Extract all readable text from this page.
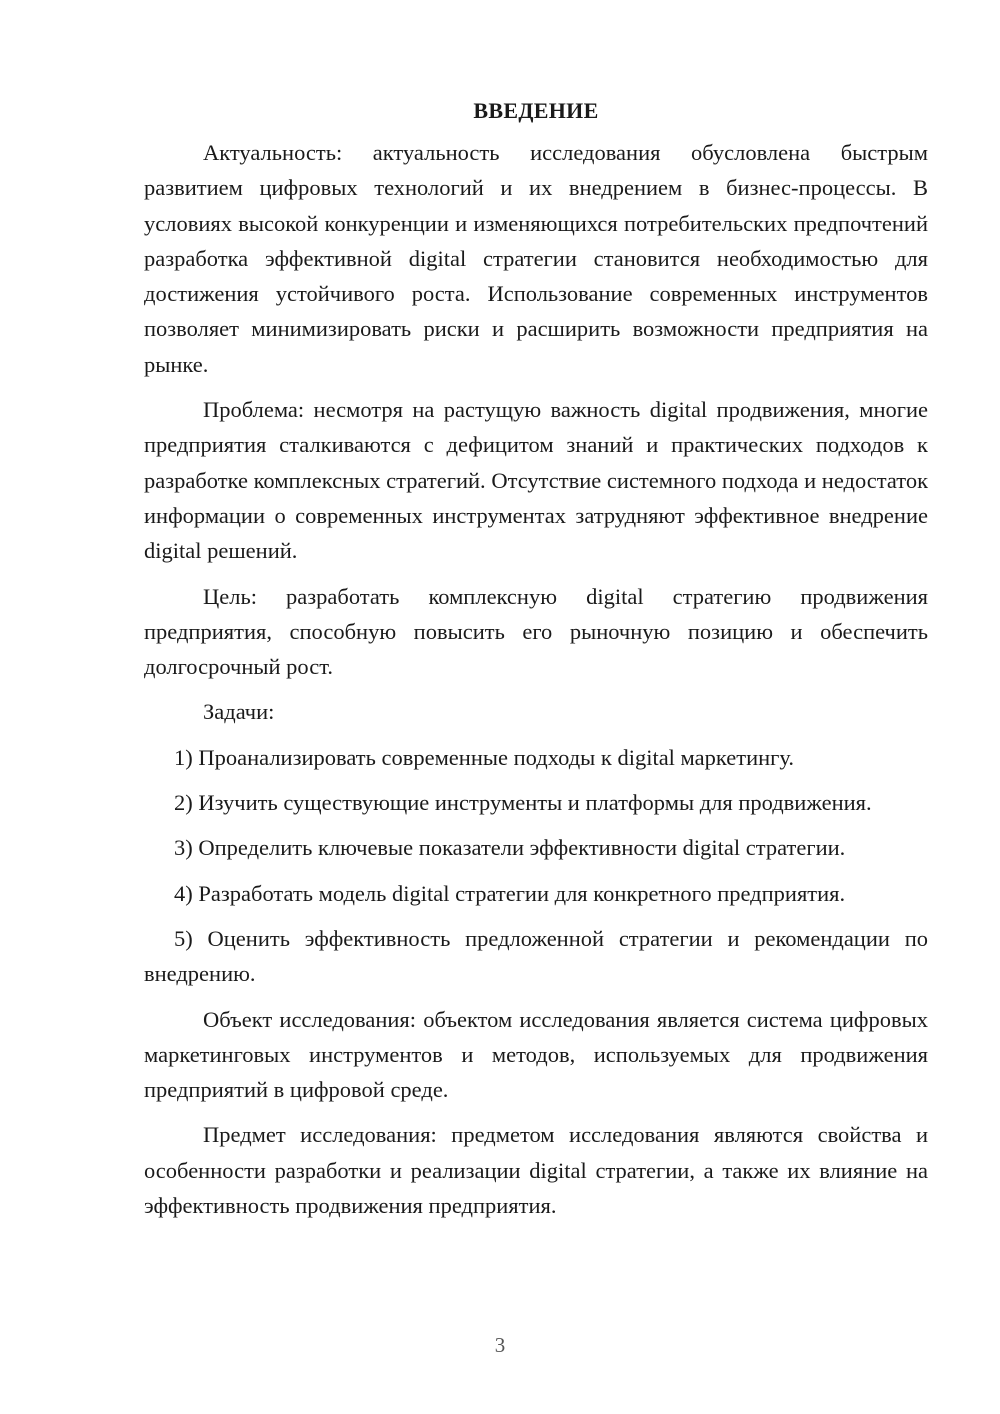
ВВЕДЕНИЕ

Актуальность: актуальность исследования обусловлена быстрым развитием цифровых технологий и их внедрением в бизнес-процессы. В условиях высокой конкуренции и изменяющихся потребительских предпочтений разработка эффективной digital стратегии становится необходимостью для достижения устойчивого роста. Использование современных инструментов позволяет минимизировать риски и расширить возможности предприятия на рынке.

Проблема: несмотря на растущую важность digital продвижения, многие предприятия сталкиваются с дефицитом знаний и практических подходов к разработке комплексных стратегий. Отсутствие системного подхода и недостаток информации о современных инструментах затрудняют эффективное внедрение digital решений.

Цель: разработать комплексную digital стратегию продвижения предприятия, способную повысить его рыночную позицию и обеспечить долгосрочный рост.

Задачи:

1) Проанализировать современные подходы к digital маркетингу.

2) Изучить существующие инструменты и платформы для продвижения.

3) Определить ключевые показатели эффективности digital стратегии.

4) Разработать модель digital стратегии для конкретного предприятия.

5) Оценить эффективность предложенной стратегии и рекомендации по внедрению.

Объект исследования: объектом исследования является система цифровых маркетинговых инструментов и методов, используемых для продвижения предприятий в цифровой среде.

Предмет исследования: предметом исследования являются свойства и особенности разработки и реализации digital стратегии, а также их влияние на эффективность продвижения предприятия.

3
